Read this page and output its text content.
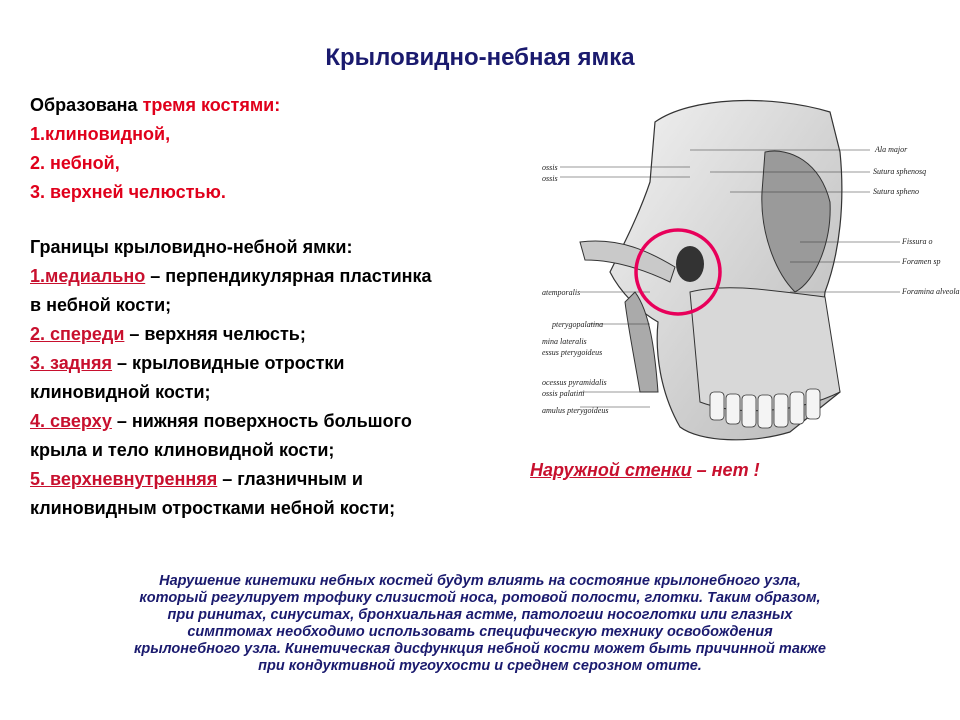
Крыловидно-небная ямка
Образована тремя костями:
1.клиновидной,
2. небной,
3. верхней челюстью.
Границы крыловидно-небной ямки:
1.медиально – перпендикулярная пластинка
в небной кости;
2. спереди – верхняя челюсть;
3. задняя – крыловидные отростки
клиновидной кости;
4. сверху – нижняя поверхность большого
крыла и тело клиновидной кости;
5. верхневнутренняя – глазничным и
клиновидным отростками небной кости;
Ala major
Sutura sphenosq
Sutura spheno
Fissura o
Foramen sp
Foramina alveola
ossis
ossis
atemporalis
pterygopalatina
mina lateralis
essus pterygoideus
ocessus pyramidalis
ossis palatini
amulus pterygoideus
Наружной стенки – нет !
Нарушение кинетики небных костей будут влиять на состояние крылонебного узла,
который регулирует трофику слизистой носа, ротовой полости, глотки. Таким образом,
при ринитах, синуситах, бронхиальная астме, патологии носоглотки или глазных
симптомах необходимо использовать специфическую технику освобождения
крылонебного узла. Кинетическая дисфункция небной кости может быть причинной также
при кондуктивной тугоухости и среднем серозном отите.
